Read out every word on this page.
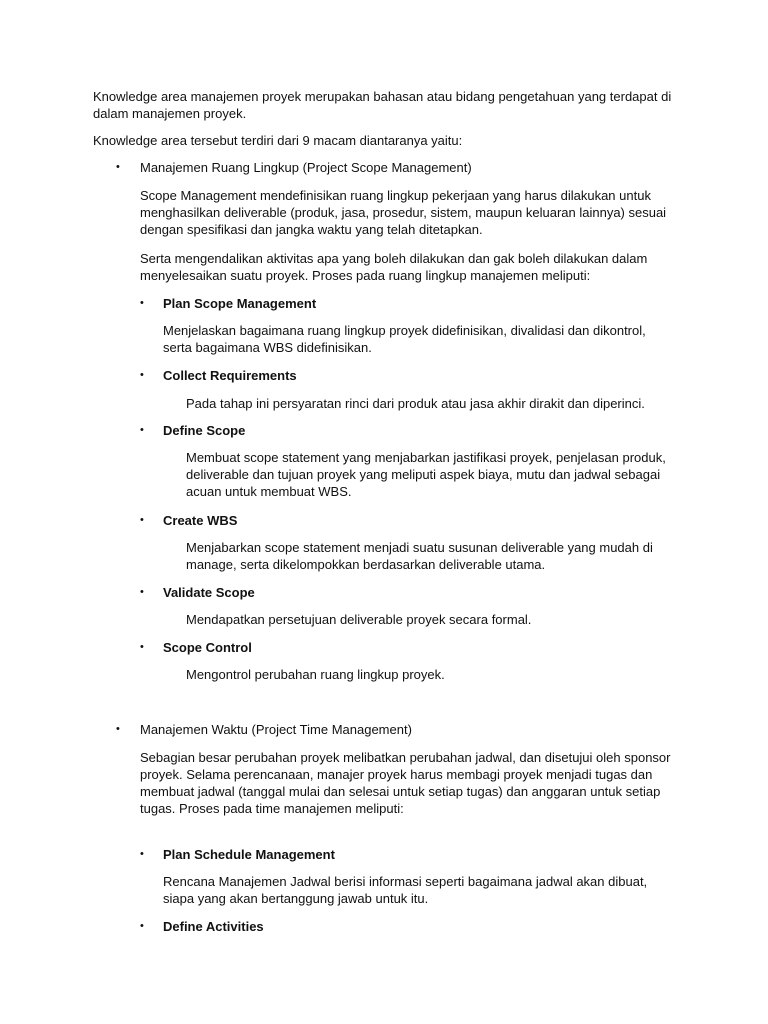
Knowledge area manajemen proyek merupakan bahasan atau bidang pengetahuan yang terdapat di

dalam manajemen proyek.

Knowledge area tersebut terdiri dari 9 macam diantaranya yaitu:

• Manajemen Ruang Lingkup (Project Scope Management)

Scope Management mendefinisikan ruang lingkup pekerjaan yang harus dilakukan untuk

menghasilkan deliverable (produk, jasa, prosedur, sistem, maupun keluaran lainnya) sesuai

dengan spesifikasi dan jangka waktu yang telah ditetapkan.

Serta mengendalikan aktivitas apa yang boleh dilakukan dan gak boleh dilakukan dalam

menyelesaikan suatu proyek. Proses pada ruang lingkup manajemen meliputi:

• Plan Scope Management

Menjelaskan bagaimana ruang lingkup proyek didefinisikan, divalidasi dan dikontrol,

serta bagaimana WBS didefinisikan.

• Collect Requirements

Pada tahap ini persyaratan rinci dari produk atau jasa akhir dirakit dan diperinci.

• Define Scope

Membuat scope statement yang menjabarkan jastifikasi proyek, penjelasan produk,

deliverable dan tujuan proyek yang meliputi aspek biaya, mutu dan jadwal sebagai

acuan untuk membuat WBS.

• Create WBS

Menjabarkan scope statement menjadi suatu susunan deliverable yang mudah di

manage, serta dikelompokkan berdasarkan deliverable utama.

• Validate Scope

Mendapatkan persetujuan deliverable proyek secara formal.

• Scope Control

Mengontrol perubahan ruang lingkup proyek.

• Manajemen Waktu (Project Time Management)

Sebagian besar perubahan proyek melibatkan perubahan jadwal, dan disetujui oleh sponsor

proyek. Selama perencanaan, manajer proyek harus membagi proyek menjadi tugas dan

membuat jadwal (tanggal mulai dan selesai untuk setiap tugas) dan anggaran untuk setiap

tugas. Proses pada time manajemen meliputi:

• Plan Schedule Management

Rencana Manajemen Jadwal berisi informasi seperti bagaimana jadwal akan dibuat,

siapa yang akan bertanggung jawab untuk itu.

• Define Activities
